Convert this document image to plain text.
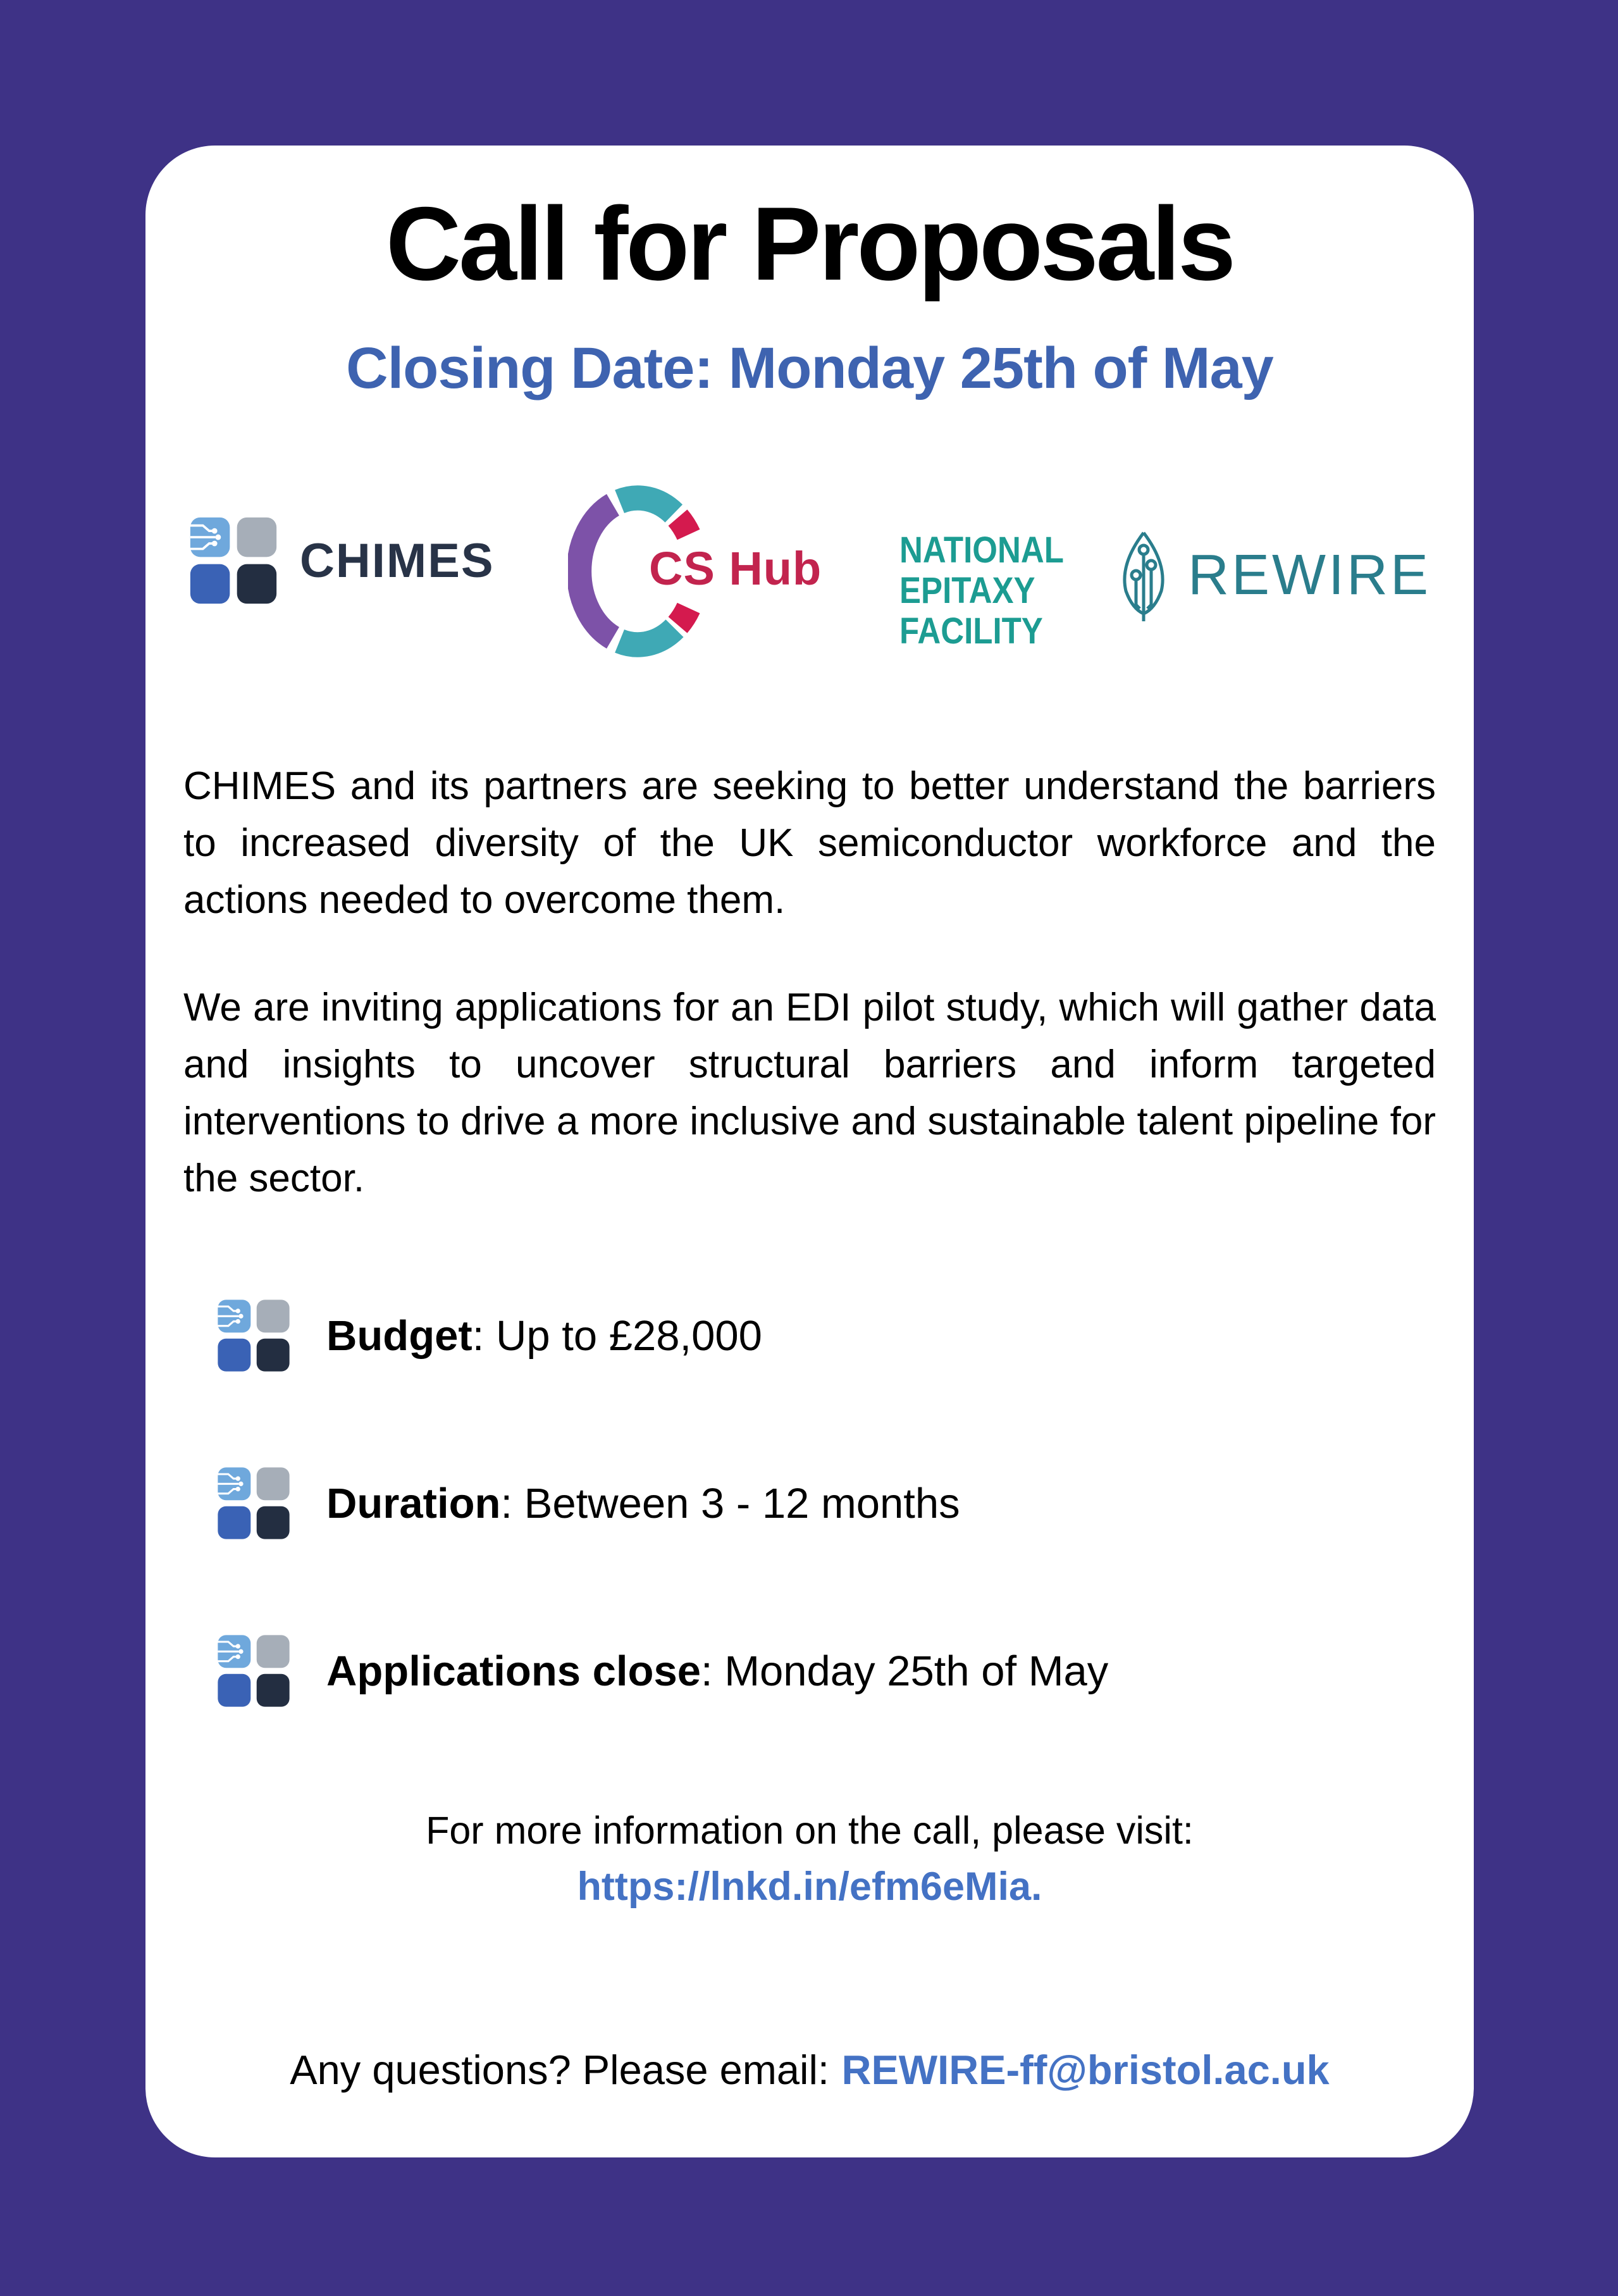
Call for Proposals
Closing Date: Monday 25th of May
CHIMES	CS Hub NATIONAL
EPITAXY
FACILITY
REWIRE

CHIMES and its partners are seeking to better understand the barriers to increased diversity of the UK semiconductor workforce and the actions needed to overcome them.

We are inviting applications for an EDI pilot study, which will gather data and insights to uncover structural barriers and inform targeted interventions to drive a more inclusive and sustainable talent pipeline for the sector.

Budget: Up to £28,000
Duration: Between 3 - 12 months
Applications close: Monday 25th of May
For more information on the call, please visit:
https://lnkd.in/efm6eMia.
Any questions? Please email: REWIRE-ff@bristol.ac.uk
